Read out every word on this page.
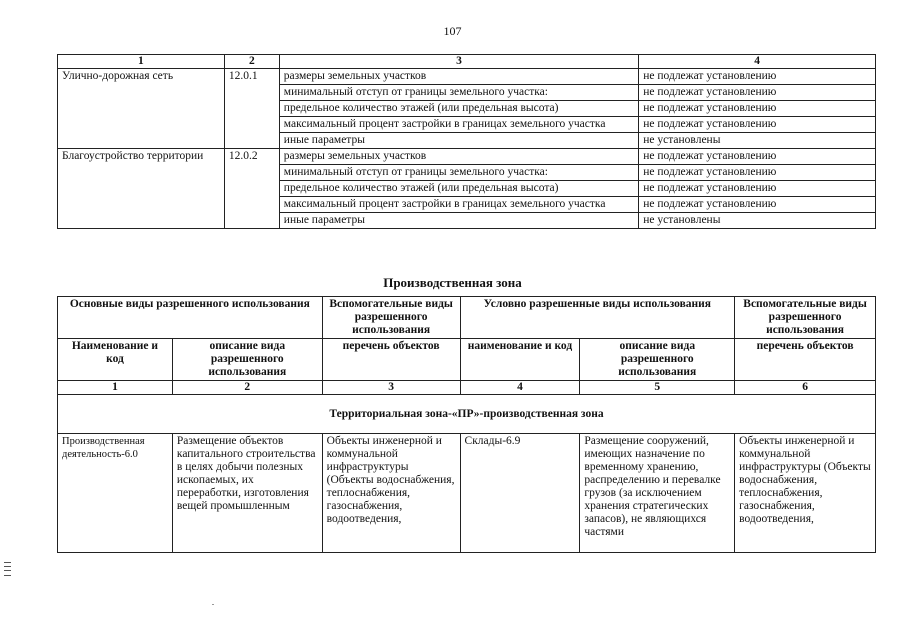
107
1	2	3	4
Улично-дорожная сеть	12.0.1	размеры земельных участков	не подлежат установлению
		минимальный отступ от границы земельного участка:	не подлежат установлению
		предельное количество этажей (или предельная высота)	не подлежат установлению
		максимальный процент застройки в границах земельного участка	не подлежат установлению
		иные параметры	не установлены
Благоустройство территории	12.0.2	размеры земельных участков	не подлежат установлению
		минимальный отступ от границы земельного участка:	не подлежат установлению
		предельное количество этажей (или предельная высота)	не подлежат установлению
		максимальный процент застройки в границах земельного участка	не подлежат установлению
		иные параметры	не установлены
Производственная зона
Основные виды разрешенного использования		Вспомогательные виды разрешенного использования	Условно разрешенные виды использования		Вспомогательные виды разрешенного использования
Наименование и код	описание вида разрешенного использования	перечень объектов	наименование и код	описание вида разрешенного использования	перечень объектов
1	2	3	4	5	6
Территориальная зона-«ПР»-производственная зона					
Производственная деятельность-6.0	Размещение объектов капитального строительства в целях добычи полезных ископаемых, их переработки, изготовления вещей промышленным	Объекты инженерной и коммунальной инфраструктуры (Объекты водоснабжения, теплоснабжения, газоснабжения, водоотведения,	Склады-6.9	Размещение сооружений, имеющих назначение по временному хранению, распределению и перевалке грузов (за исключением хранения стратегических запасов), не являющихся частями	Объекты инженерной и коммунальной инфраструктуры (Объекты водоснабжения, теплоснабжения, газоснабжения, водоотведения,
